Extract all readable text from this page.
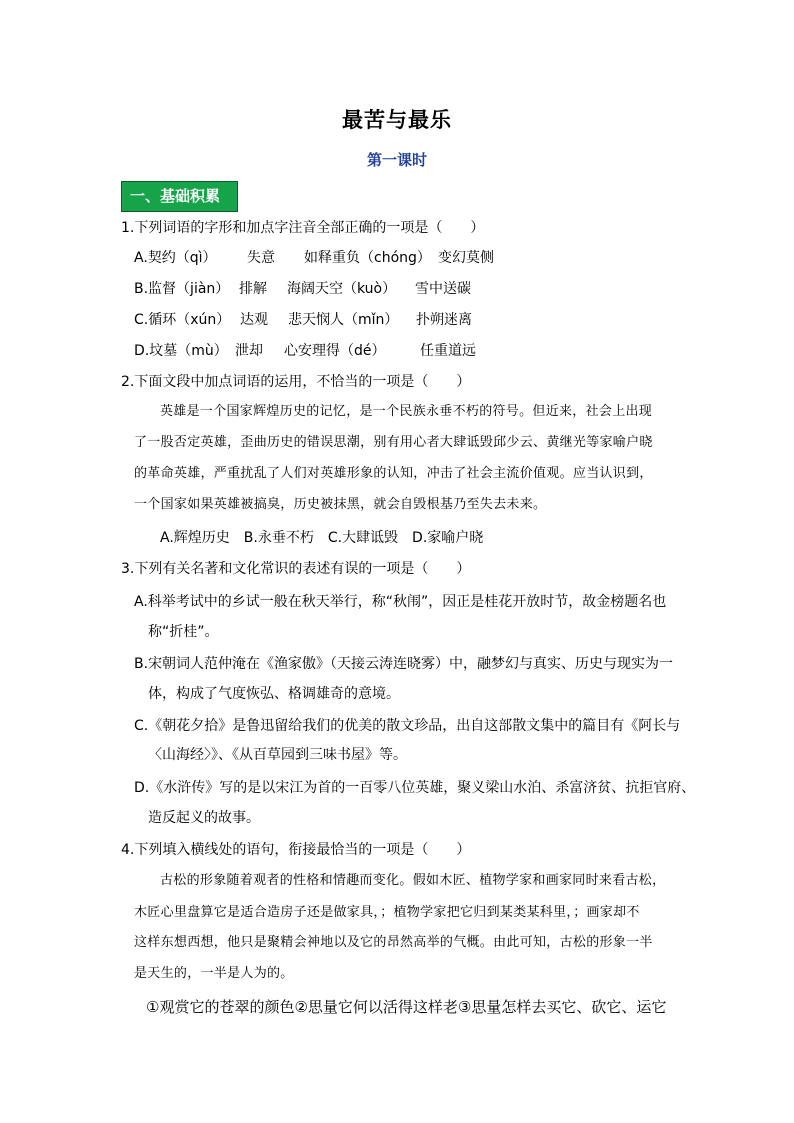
最苦与最乐
第一课时
一、基础积累
1.下列词语的字形和加点字注音全部正确的一项是（　　）
A.契约（qì） 失意 如释重负（chóng） 变幻莫侧
B.监督（jiàn） 排解 海阔天空（kuò） 雪中送碳
C.循环（xún） 达观 悲天悯人（mǐn） 扑朔迷离
D.坟墓（mù） 泄却 心安理得（dé） 任重道远
2.下面文段中加点词语的运用，不恰当的一项是（　　）
英雄是一个国家辉煌历史的记忆，是一个民族永垂不朽的符号。但近来，社会上出现
了一股否定英雄，歪曲历史的错误思潮，别有用心者大肆诋毁邱少云、黄继光等家喻户晓
的革命英雄，严重扰乱了人们对英雄形象的认知，冲击了社会主流价值观。应当认识到，
一个国家如果英雄被搞臭，历史被抹黑，就会自毁根基乃至失去未来。
A.辉煌历史　B.永垂不朽　C.大肆诋毁　D.家喻户晓
3.下列有关名著和文化常识的表述有误的一项是（　　）
A.科举考试中的乡试一般在秋天举行，称“秋闱”，因正是桂花开放时节，故金榜题名也
称“折桂”。
B.宋朝词人范仲淹在《渔家傲》（天接云涛连晓雾）中，融梦幻与真实、历史与现实为一
体，构成了气度恢弘、格调雄奇的意境。
C.《朝花夕拾》是鲁迅留给我们的优美的散文珍品，出自这部散文集中的篇目有《阿长与
〈山海经〉》、《从百草园到三味书屋》等。
D.《水浒传》写的是以宋江为首的一百零八位英雄，聚义梁山水泊、杀富济贫、抗拒官府、
造反起义的故事。
4.下列填入横线处的语句，衔接最恰当的一项是（　　）
古松的形象随着观者的性格和情趣而变化。假如木匠、植物学家和画家同时来看古松，
木匠心里盘算它是适合造房子还是做家具，；植物学家把它归到某类某科里，；画家却不
这样东想西想，他只是聚精会神地以及它的昂然高举的气概。由此可知，古松的形象一半
是天生的，一半是人为的。
①观赏它的苍翠的颜色②思量它何以活得这样老③思量怎样去买它、砍它、运它
